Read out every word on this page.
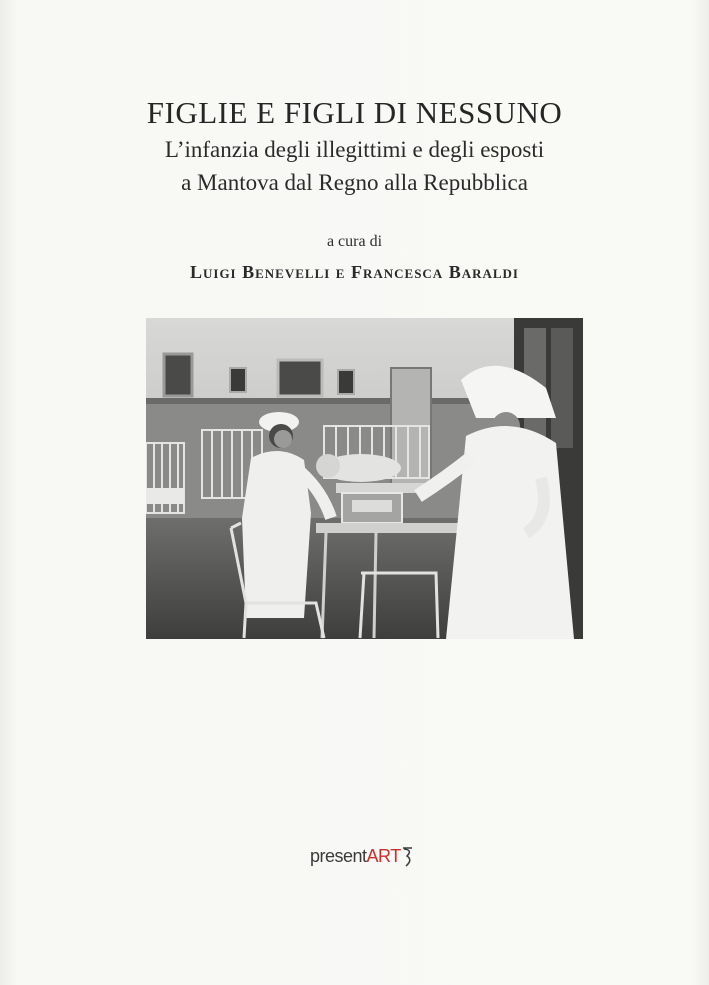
FIGLIE E FIGLI DI NESSUNO
L’infanzia degli illegittimi e degli esposti
a Mantova dal Regno alla Repubblica
a cura di
Luigi Benevelli e Francesca Baraldi
presentART
